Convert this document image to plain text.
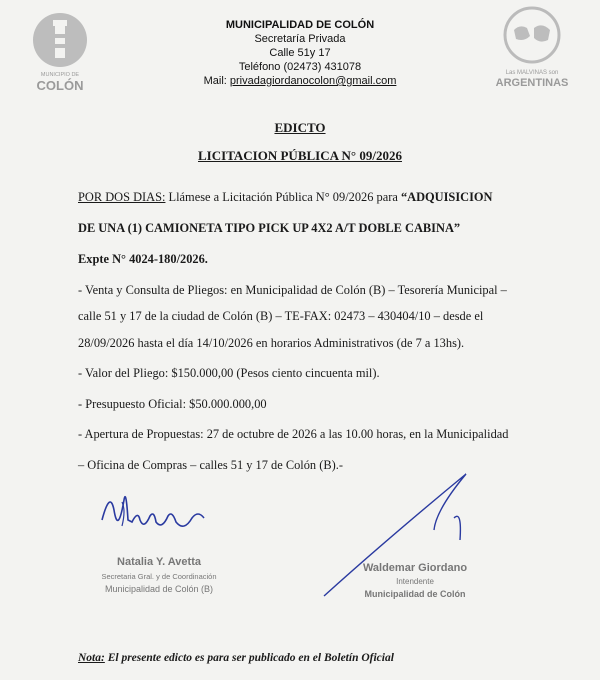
MUNICIPIO DE
COLÓN
MUNICIPALIDAD DE COLÓN
Secretaría Privada
Calle 51y 17
Teléfono (02473) 431078
Mail: privadagiordanocolon@gmail.com
Las MALVINAS son
ARGENTINAS
EDICTO
LICITACION PÚBLICA N° 09/2026
POR DOS DIAS: Llámese a Licitación Pública N° 09/2026 para “ADQUISICION
DE UNA (1) CAMIONETA TIPO PICK UP 4X2 A/T DOBLE CABINA”
Expte N° 4024-180/2026.
- Venta y Consulta de Pliegos: en Municipalidad de Colón (B) – Tesorería Municipal –
calle 51 y 17 de la ciudad de Colón (B) – TE-FAX: 02473 – 430404/10 – desde el
28/09/2026 hasta el día 14/10/2026 en horarios Administrativos (de 7 a 13hs).
- Valor del Pliego: $150.000,00 (Pesos ciento cincuenta mil).
- Presupuesto Oficial: $50.000.000,00
- Apertura de Propuestas: 27 de octubre de 2026 a las 10.00 horas, en la Municipalidad
– Oficina de Compras – calles 51 y 17 de Colón (B).-
Natalia Y. Avetta
Secretaria Gral. y de Coordinación
Municipalidad de Colón (B)
Waldemar Giordano
Intendente
Municipalidad de Colón
Nota: El presente edicto es para ser publicado en el Boletín Oficial
